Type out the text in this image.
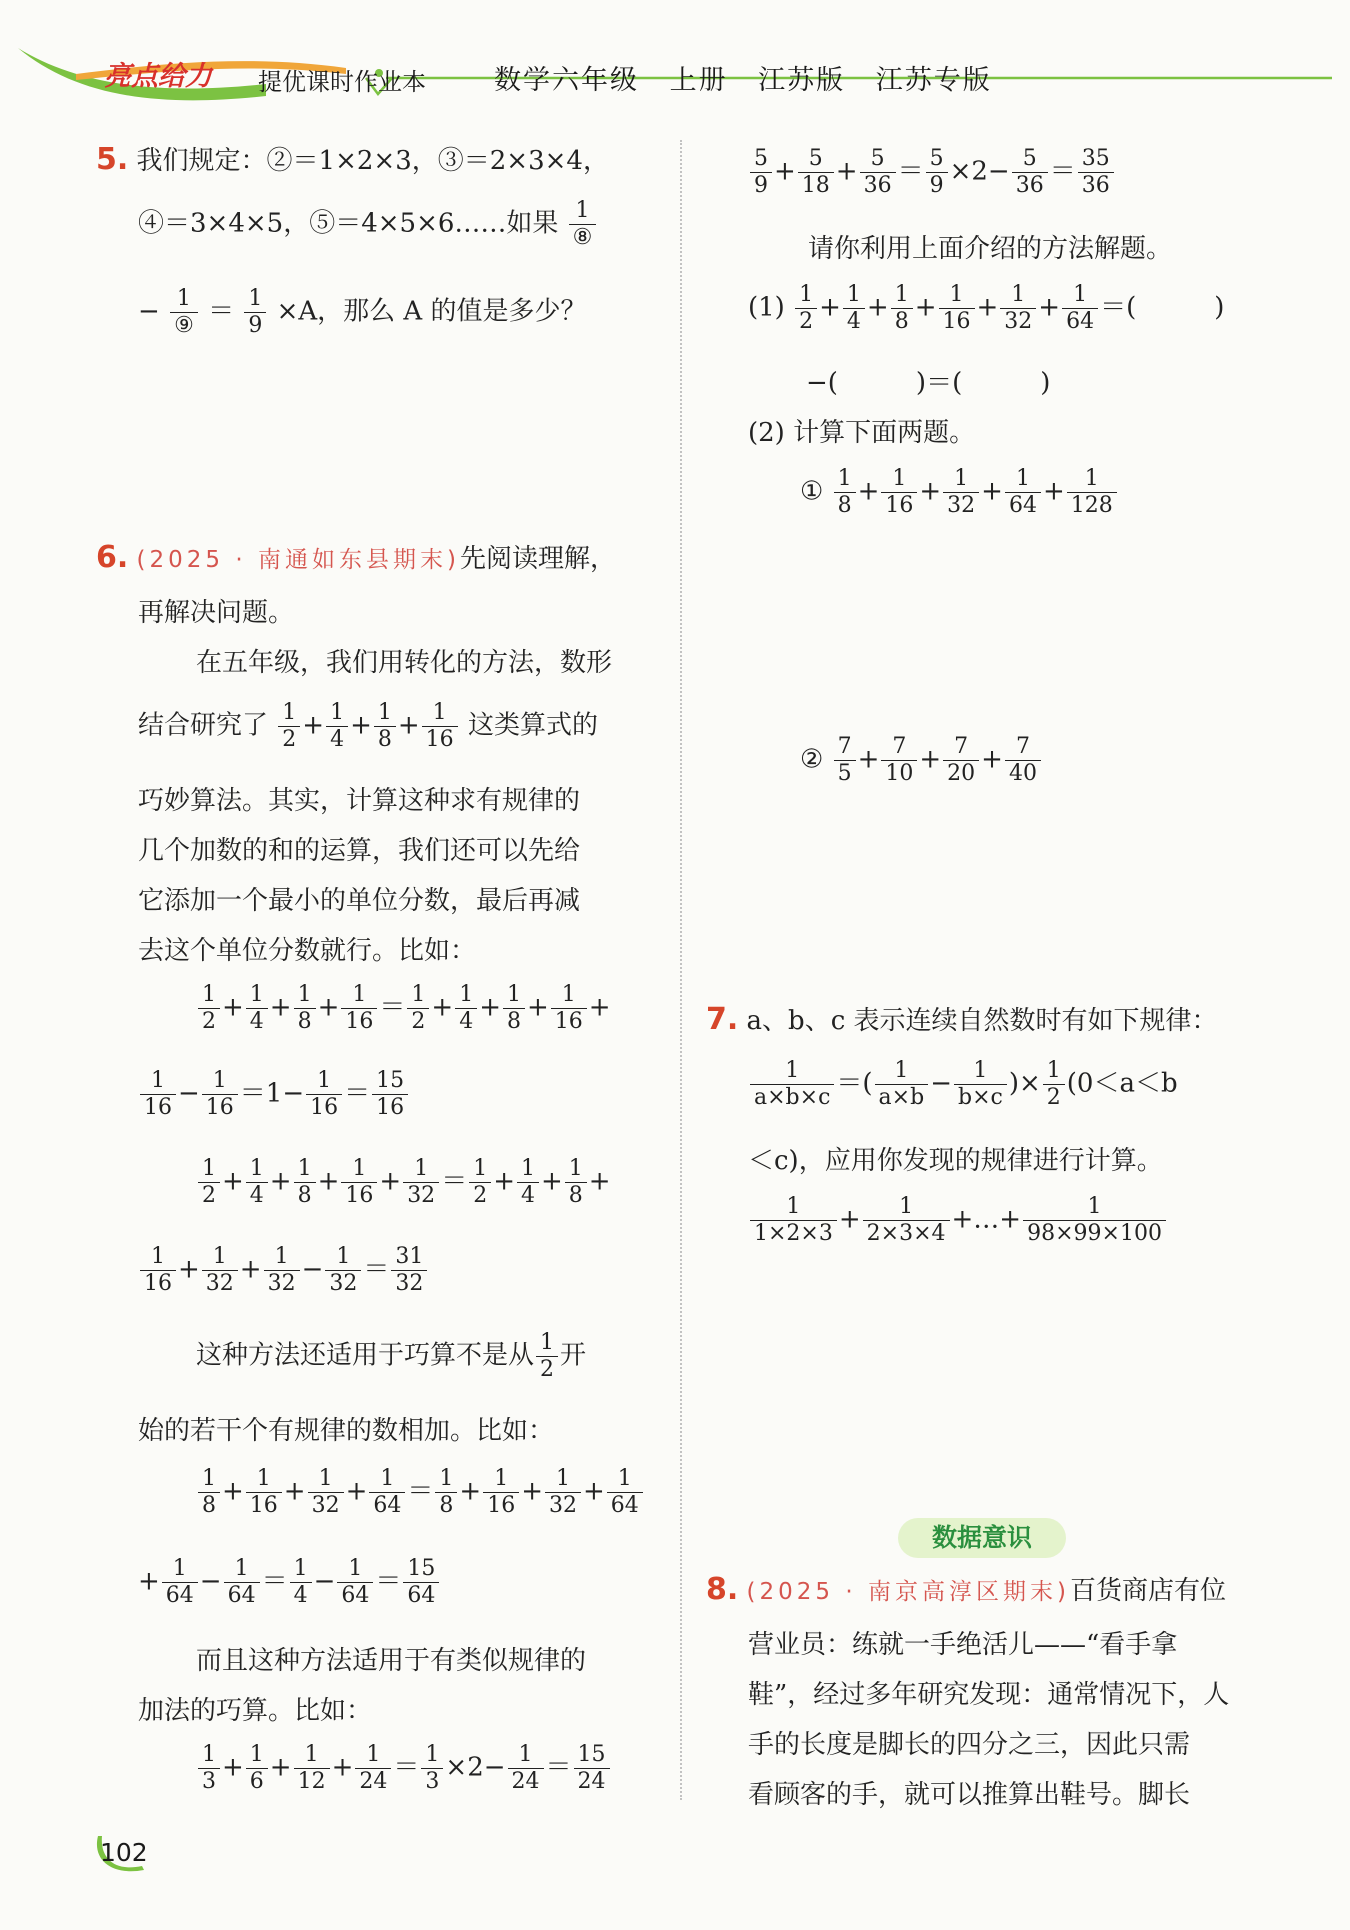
亮点给力 提优课时作业本	数学六年级 上册 江苏版 江苏专版
5. 我们规定：②＝1×2×3，③＝2×3×4，
④＝3×4×5，⑤＝4×5×6……如果 $\frac{1}{\text{⑧}}$
− $\frac{1}{\text{⑨}} = \frac{1}{9} \times A$，那么 A 的值是多少？
6. (2025 · 南通如东县期末)先阅读理解，
再解决问题。
在五年级，我们用转化的方法，数形
结合研究了 $\frac{1}{2} + \frac{1}{4} + \frac{1}{8} + \frac{1}{16}$ 这类算式的
巧妙算法。其实，计算这种求有规律的
几个加数的和的运算，我们还可以先给
它添加一个最小的单位分数，最后再减
去这个单位分数就行。比如：
$\frac{1}{2} + \frac{1}{4} + \frac{1}{8} + \frac{1}{16} = \frac{1}{2} + \frac{1}{4} + \frac{1}{8} + \frac{1}{16}$ +
$\frac{1}{16} - \frac{1}{16} =1- \frac{1}{16} = \frac{15}{16}$
$\frac{1}{2} + \frac{1}{4} + \frac{1}{8} + \frac{1}{16} + \frac{1}{32} = \frac{1}{2} + \frac{1}{4} + \frac{1}{8}$ +
$\frac{1}{16} + \frac{1}{32} + \frac{1}{32} - \frac{1}{32} = \frac{31}{32}$
这种方法还适用于巧算不是从 $\frac{1}{2}$ 开
始的若干个有规律的数相加。比如：
$\frac{1}{8} + \frac{1}{16} + \frac{1}{32} + \frac{1}{64} = \frac{1}{8} + \frac{1}{16} + \frac{1}{32} + \frac{1}{64}$
+ $\frac{1}{64} - \frac{1}{64} = \frac{1}{4} - \frac{1}{64} = \frac{15}{64}$
而且这种方法适用于有类似规律的
加法的巧算。比如：
$\frac{1}{3} + \frac{1}{6} + \frac{1}{12} + \frac{1}{24} = \frac{1}{3} \times 2- \frac{1}{24} = \frac{15}{24}$
$\frac{5}{9} + \frac{5}{18} + \frac{5}{36} = \frac{5}{9} \times 2- \frac{5}{36} = \frac{35}{36}$
请你利用上面介绍的方法解题。
$(1) \frac{1}{2} + \frac{1}{4} + \frac{1}{8} + \frac{1}{16} + \frac{1}{32} + \frac{1}{64}$ ＝(　　　)
−(　　　)＝(　　　)
(2) 计算下面两题。
① $\frac{1}{8} + \frac{1}{16} + \frac{1}{32} + \frac{1}{64} + \frac{1}{128}$
② $\frac{7}{5} + \frac{7}{10} + \frac{7}{20} + \frac{7}{40}$
7. a、b、c 表示连续自然数时有如下规律：
$\frac{1}{a\times b\times c}$ ＝( $\frac{1}{a\times b} - \frac{1}{b\times c}$ )× $\frac{1}{2} (0<a<b$
＜c)，应用你发现的规律进行计算。
$\frac{1}{1\times 2\times 3} + \frac{1}{2\times 3\times 4}$ +…+ $\frac{1}{98\times 99\times 100}$
数据意识
8. (2025 · 南京高淳区期末)百货商店有位
营业员：练就一手绝活儿——“看手拿
鞋”，经过多年研究发现：通常情况下，人
手的长度是脚长的四分之三，因此只需
看顾客的手，就可以推算出鞋号。脚长
102
